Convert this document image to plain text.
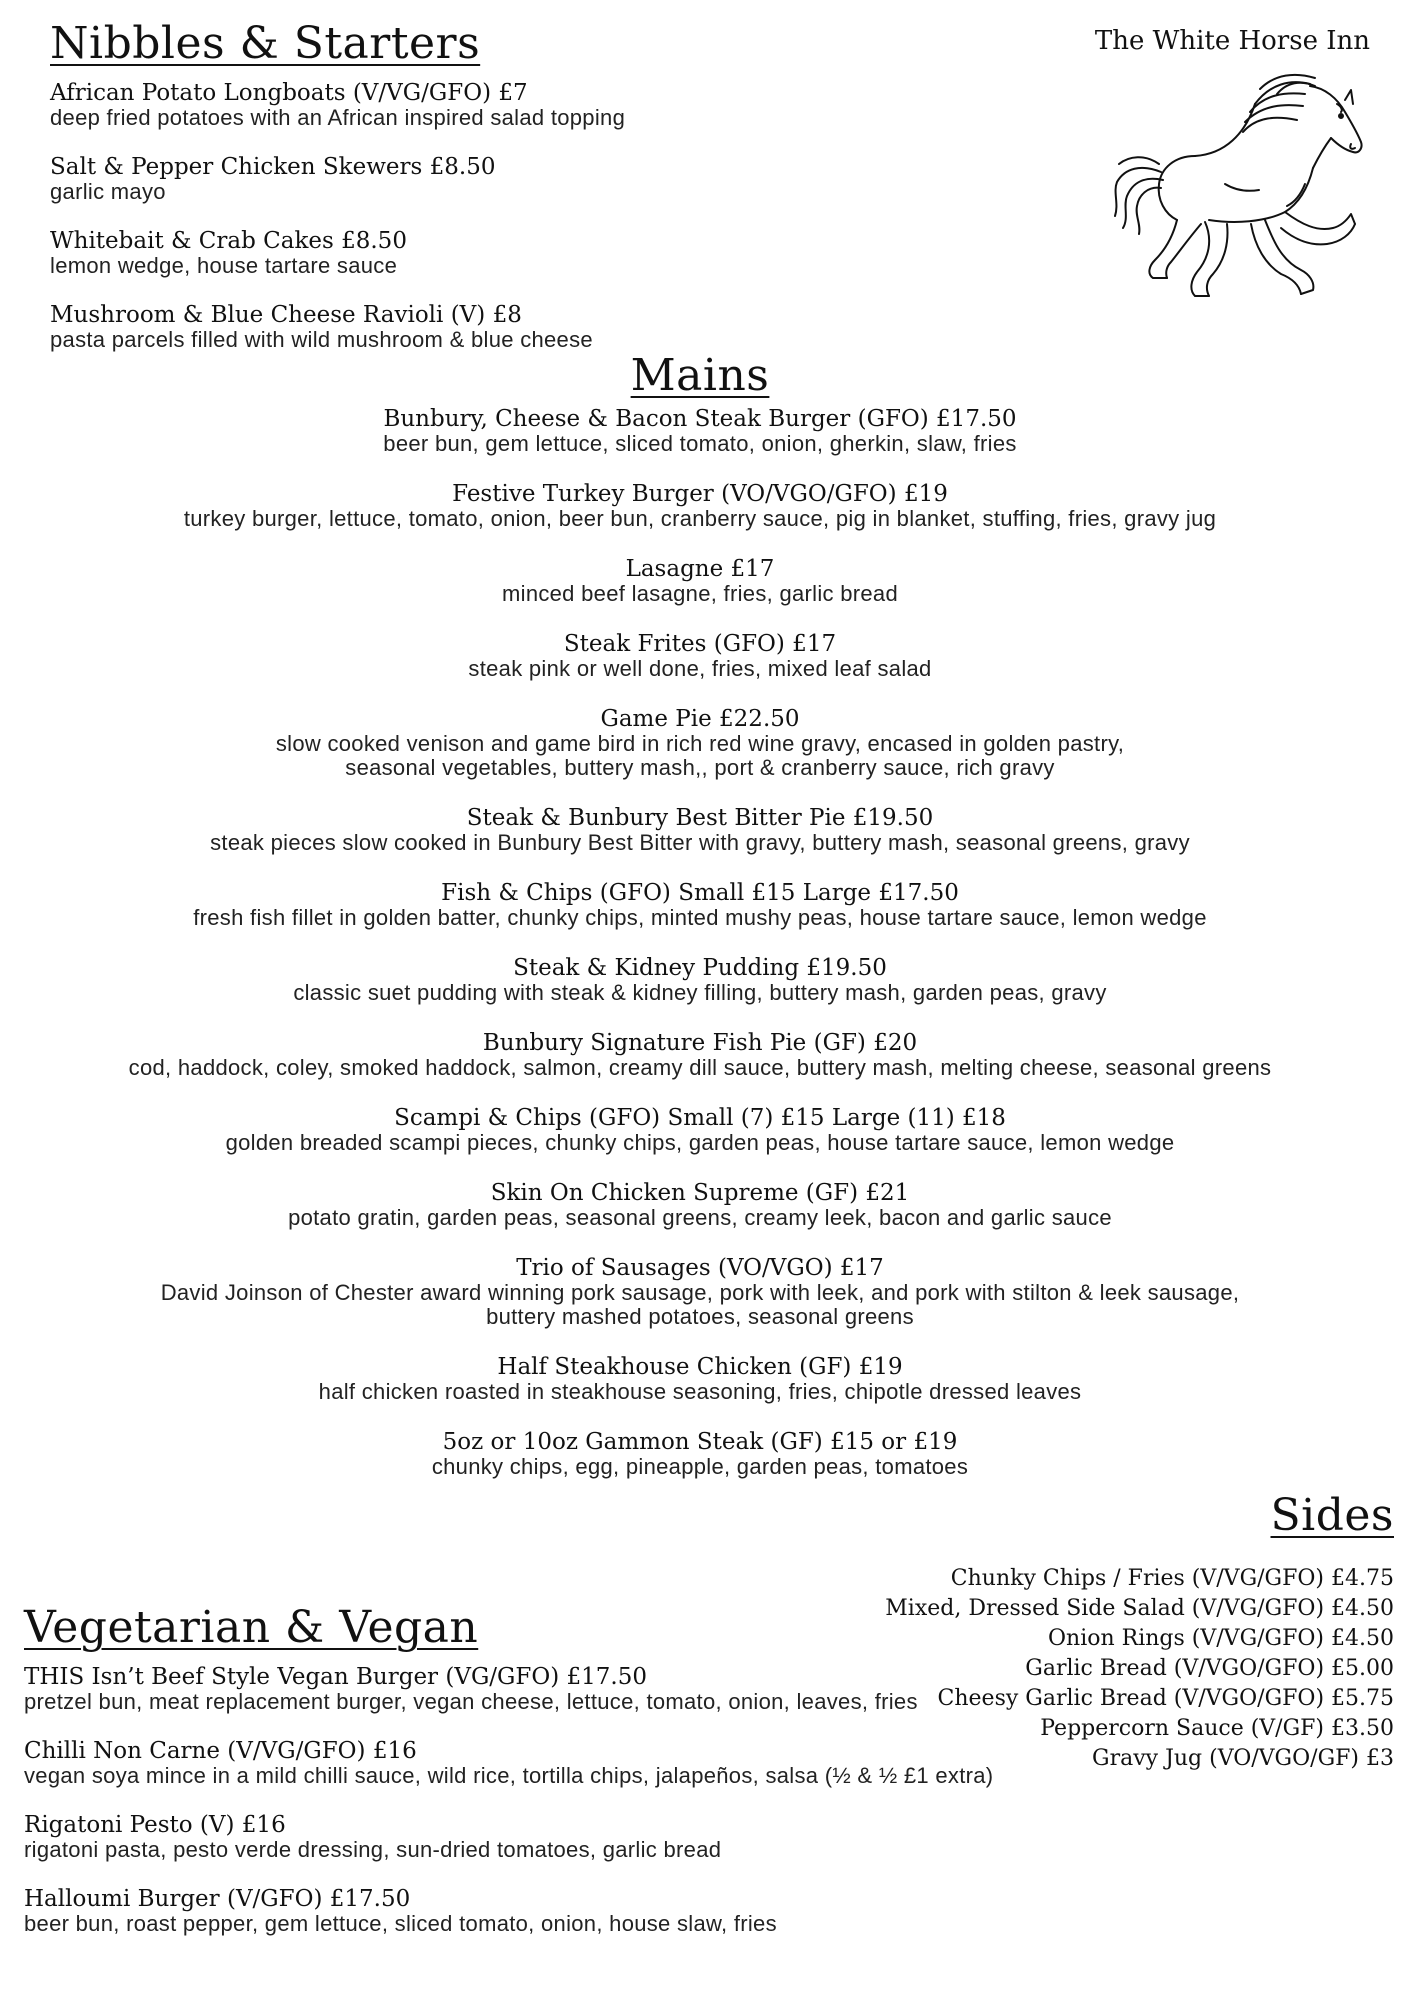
Nibbles & Starters
African Potato Longboats (V/VG/GFO) £7
deep fried potatoes with an African inspired salad topping
Salt & Pepper Chicken Skewers £8.50
garlic mayo
Whitebait & Crab Cakes £8.50
lemon wedge, house tartare sauce
Mushroom & Blue Cheese Ravioli (V) £8
pasta parcels filled with wild mushroom & blue cheese
The White Horse Inn
Mains
Bunbury, Cheese & Bacon Steak Burger (GFO) £17.50
beer bun, gem lettuce, sliced tomato, onion, gherkin, slaw, fries
Festive Turkey Burger (VO/VGO/GFO) £19
turkey burger, lettuce, tomato, onion, beer bun, cranberry sauce, pig in blanket, stuffing, fries, gravy jug
Lasagne £17
minced beef lasagne, fries, garlic bread
Steak Frites (GFO) £17
steak pink or well done, fries, mixed leaf salad
Game Pie £22.50
slow cooked venison and game bird in rich red wine gravy, encased in golden pastry,
seasonal vegetables, buttery mash,, port & cranberry sauce, rich gravy
Steak & Bunbury Best Bitter Pie £19.50
steak pieces slow cooked in Bunbury Best Bitter with gravy, buttery mash, seasonal greens, gravy
Fish & Chips (GFO) Small £15 Large £17.50
fresh fish fillet in golden batter, chunky chips, minted mushy peas, house tartare sauce, lemon wedge
Steak & Kidney Pudding £19.50
classic suet pudding with steak & kidney filling, buttery mash, garden peas, gravy
Bunbury Signature Fish Pie (GF) £20
cod, haddock, coley, smoked haddock, salmon, creamy dill sauce, buttery mash, melting cheese, seasonal greens
Scampi & Chips (GFO) Small (7) £15 Large (11) £18
golden breaded scampi pieces, chunky chips, garden peas, house tartare sauce, lemon wedge
Skin On Chicken Supreme (GF) £21
potato gratin, garden peas, seasonal greens, creamy leek, bacon and garlic sauce
Trio of Sausages (VO/VGO) £17
David Joinson of Chester award winning pork sausage, pork with leek, and pork with stilton & leek sausage,
buttery mashed potatoes, seasonal greens
Half Steakhouse Chicken (GF) £19
half chicken roasted in steakhouse seasoning, fries, chipotle dressed leaves
5oz or 10oz Gammon Steak (GF) £15 or £19
chunky chips, egg, pineapple, garden peas, tomatoes
Sides
Chunky Chips / Fries (V/VG/GFO) £4.75
Mixed, Dressed Side Salad (V/VG/GFO) £4.50
Onion Rings (V/VG/GFO) £4.50
Garlic Bread (V/VGO/GFO) £5.00
Cheesy Garlic Bread (V/VGO/GFO) £5.75
Peppercorn Sauce (V/GF) £3.50
Gravy Jug (VO/VGO/GF) £3
Vegetarian & Vegan
THIS Isn’t Beef Style Vegan Burger (VG/GFO) £17.50
pretzel bun, meat replacement burger, vegan cheese, lettuce, tomato, onion, leaves, fries
Chilli Non Carne (V/VG/GFO) £16
vegan soya mince in a mild chilli sauce, wild rice, tortilla chips, jalapeños, salsa (½ & ½ £1 extra)
Rigatoni Pesto (V) £16
rigatoni pasta, pesto verde dressing, sun-dried tomatoes, garlic bread
Halloumi Burger (V/GFO) £17.50
beer bun, roast pepper, gem lettuce, sliced tomato, onion, house slaw, fries
